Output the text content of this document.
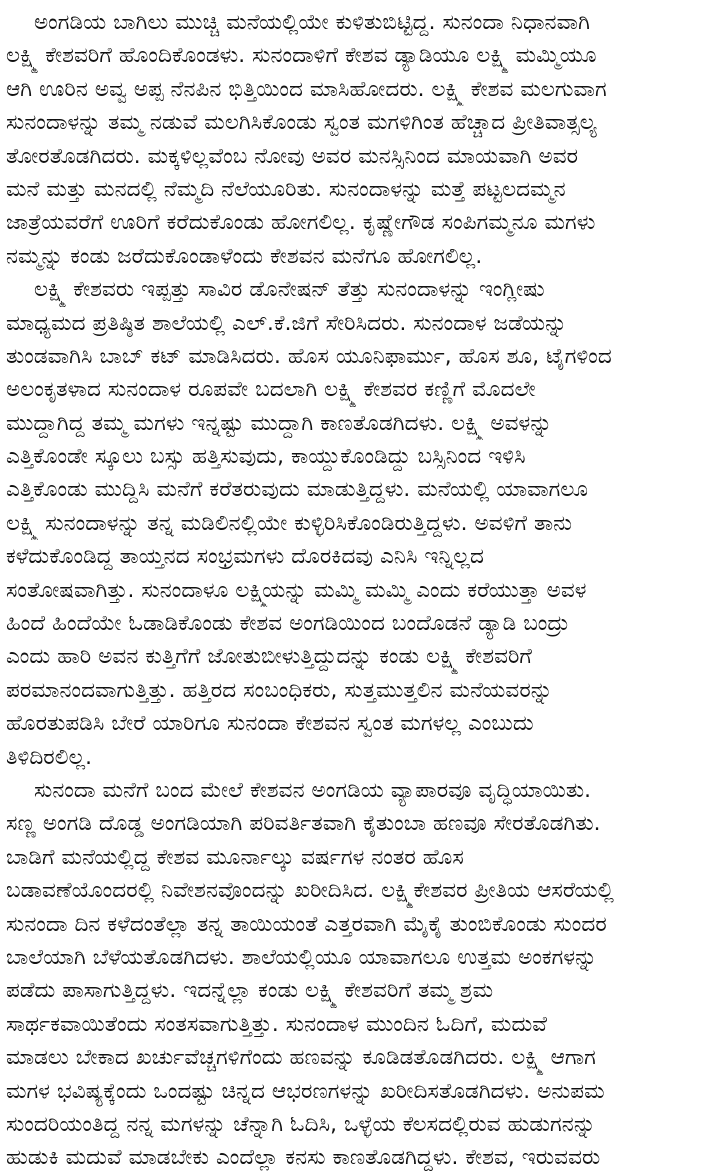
ಅಂಗಡಿಯ ಬಾಗಿಲು ಮುಚ್ಚಿ ಮನೆಯಲ್ಲಿಯೇ ಕುಳಿತುಬಿಟ್ಟಿದ್ದ. ಸುನಂದಾ ನಿಧಾನವಾಗಿ
ಲಕ್ಷ್ಮಿ ಕೇಶವರಿಗೆ ಹೊಂದಿಕೊಂಡಳು. ಸುನಂದಾಳಿಗೆ ಕೇಶವ ಡ್ಯಾಡಿಯೂ ಲಕ್ಷ್ಮಿ ಮಮ್ಮಿಯೂ
ಆಗಿ ಊರಿನ ಅವ್ವ ಅಪ್ಪ ನೆನಪಿನ ಭಿತ್ತಿಯಿಂದ ಮಾಸಿಹೋದರು. ಲಕ್ಷ್ಮಿ ಕೇಶವ ಮಲಗುವಾಗ
ಸುನಂದಾಳನ್ನು ತಮ್ಮ ನಡುವೆ ಮಲಗಿಸಿಕೊಂಡು ಸ್ವಂತ ಮಗಳಿಗಿಂತ ಹೆಚ್ಚಾದ ಪ್ರೀತಿವಾತ್ಸಲ್ಯ
ತೋರತೊಡಗಿದರು. ಮಕ್ಕಳಿಲ್ಲವೆಂಬ ನೋವು ಅವರ ಮನಸ್ಸಿನಿಂದ ಮಾಯವಾಗಿ ಅವರ
ಮನೆ ಮತ್ತು ಮನದಲ್ಲಿ ನೆಮ್ಮದಿ ನೆಲೆಯೂರಿತು. ಸುನಂದಾಳನ್ನು ಮತ್ತೆ ಪಟ್ಟಲದಮ್ಮನ
ಜಾತ್ರೆಯವರೆಗೆ ಊರಿಗೆ ಕರೆದುಕೊಂಡು ಹೋಗಲಿಲ್ಲ. ಕೃಷ್ಣೇಗೌಡ ಸಂಪಿಗಮ್ಮನೂ ಮಗಳು
ನಮ್ಮನ್ನು ಕಂಡು ಜರೆದುಕೊಂಡಾಳೆಂದು ಕೇಶವನ ಮನೆಗೂ ಹೋಗಲಿಲ್ಲ.
ಲಕ್ಷ್ಮಿ ಕೇಶವರು ಇಪ್ಪತ್ತು ಸಾವಿರ ಡೊನೇಷನ್ ತೆತ್ತು ಸುನಂದಾಳನ್ನು ಇಂಗ್ಲೀಷು
ಮಾಧ್ಯಮದ ಪ್ರತಿಷ್ಠಿತ ಶಾಲೆಯಲ್ಲಿ ಎಲ್.ಕೆ.ಜಿಗೆ ಸೇರಿಸಿದರು. ಸುನಂದಾಳ ಜಡೆಯನ್ನು
ತುಂಡವಾಗಿಸಿ ಬಾಬ್ ಕಟ್ ಮಾಡಿಸಿದರು. ಹೊಸ ಯೂನಿಫಾರ್ಮು, ಹೊಸ ಶೂ, ಟೈಗಳಿಂದ
ಅಲಂಕೃತಳಾದ ಸುನಂದಾಳ ರೂಪವೇ ಬದಲಾಗಿ ಲಕ್ಷ್ಮಿ ಕೇಶವರ ಕಣ್ಣಿಗೆ ಮೊದಲೇ
ಮುದ್ದಾಗಿದ್ದ ತಮ್ಮ ಮಗಳು ಇನ್ನಷ್ಟು ಮುದ್ದಾಗಿ ಕಾಣತೊಡಗಿದಳು. ಲಕ್ಷ್ಮಿ ಅವಳನ್ನು
ಎತ್ತಿಕೊಂಡೇ ಸ್ಕೂಲು ಬಸ್ಸು ಹತ್ತಿಸುವುದು, ಕಾಯ್ದುಕೊಂಡಿದ್ದು ಬಸ್ಸಿನಿಂದ ಇಳಿಸಿ
ಎತ್ತಿಕೊಂಡು ಮುದ್ದಿಸಿ ಮನೆಗೆ ಕರೆತರುವುದು ಮಾಡುತ್ತಿದ್ದಳು. ಮನೆಯಲ್ಲಿ ಯಾವಾಗಲೂ
ಲಕ್ಷ್ಮಿ ಸುನಂದಾಳನ್ನು ತನ್ನ ಮಡಿಲಿನಲ್ಲಿಯೇ ಕುಳ್ಳಿರಿಸಿಕೊಂಡಿರುತ್ತಿದ್ದಳು. ಅವಳಿಗೆ ತಾನು
ಕಳೆದುಕೊಂಡಿದ್ದ ತಾಯ್ತನದ ಸಂಭ್ರಮಗಳು ದೊರಕಿದವು ಎನಿಸಿ ಇನ್ನಿಲ್ಲದ
ಸಂತೋಷವಾಗಿತ್ತು. ಸುನಂದಾಳೂ ಲಕ್ಷ್ಮಿಯನ್ನು ಮಮ್ಮಿ ಮಮ್ಮಿ ಎಂದು ಕರೆಯುತ್ತಾ ಅವಳ
ಹಿಂದೆ ಹಿಂದೆಯೇ ಓಡಾಡಿಕೊಂಡು ಕೇಶವ ಅಂಗಡಿಯಿಂದ ಬಂದೊಡನೆ ಡ್ಯಾಡಿ ಬಂದ್ರು
ಎಂದು ಹಾರಿ ಅವನ ಕುತ್ತಿಗೆಗೆ ಜೋತುಬೀಳುತ್ತಿದ್ದುದನ್ನು ಕಂಡು ಲಕ್ಷ್ಮಿ ಕೇಶವರಿಗೆ
ಪರಮಾನಂದವಾಗುತ್ತಿತ್ತು. ಹತ್ತಿರದ ಸಂಬಂಧಿಕರು, ಸುತ್ತಮುತ್ತಲಿನ ಮನೆಯವರನ್ನು
ಹೊರತುಪಡಿಸಿ ಬೇರೆ ಯಾರಿಗೂ ಸುನಂದಾ ಕೇಶವನ ಸ್ವಂತ ಮಗಳಲ್ಲ ಎಂಬುದು
ತಿಳಿದಿರಲಿಲ್ಲ.
ಸುನಂದಾ ಮನೆಗೆ ಬಂದ ಮೇಲೆ ಕೇಶವನ ಅಂಗಡಿಯ ವ್ಯಾಪಾರವೂ ವೃದ್ಧಿಯಾಯಿತು.
ಸಣ್ಣ ಅಂಗಡಿ ದೊಡ್ಡ ಅಂಗಡಿಯಾಗಿ ಪರಿವರ್ತಿತವಾಗಿ ಕೈತುಂಬಾ ಹಣವೂ ಸೇರತೊಡಗಿತು.
ಬಾಡಿಗೆ ಮನೆಯಲ್ಲಿದ್ದ ಕೇಶವ ಮೂರ್ನಾಲ್ಕು ವರ್ಷಗಳ ನಂತರ ಹೊಸ
ಬಡಾವಣೆಯೊಂದರಲ್ಲಿ ನಿವೇಶನವೊಂದನ್ನು ಖರೀದಿಸಿದ. ಲಕ್ಷ್ಮಿಕೇಶವರ ಪ್ರೀತಿಯ ಆಸರೆಯಲ್ಲಿ
ಸುನಂದಾ ದಿನ ಕಳೆದಂತೆಲ್ಲಾ ತನ್ನ ತಾಯಿಯಂತೆ ಎತ್ತರವಾಗಿ ಮೈಕೈ ತುಂಬಿಕೊಂಡು ಸುಂದರ
ಬಾಲೆಯಾಗಿ ಬೆಳೆಯತೊಡಗಿದಳು. ಶಾಲೆಯಲ್ಲಿಯೂ ಯಾವಾಗಲೂ ಉತ್ತಮ ಅಂಕಗಳನ್ನು
ಪಡೆದು ಪಾಸಾಗುತ್ತಿದ್ದಳು. ಇದನ್ನೆಲ್ಲಾ ಕಂಡು ಲಕ್ಷ್ಮಿ ಕೇಶವರಿಗೆ ತಮ್ಮ ಶ್ರಮ
ಸಾರ್ಥಕವಾಯಿತೆಂದು ಸಂತಸವಾಗುತ್ತಿತ್ತು. ಸುನಂದಾಳ ಮುಂದಿನ ಓದಿಗೆ, ಮದುವೆ
ಮಾಡಲು ಬೇಕಾದ ಖರ್ಚುವೆಚ್ಚಗಳಿಗೆಂದು ಹಣವನ್ನು ಕೂಡಿಡತೊಡಗಿದರು. ಲಕ್ಷ್ಮಿ ಆಗಾಗ
ಮಗಳ ಭವಿಷ್ಯಕ್ಕೆಂದು ಒಂದಷ್ಟು ಚಿನ್ನದ ಆಭರಣಗಳನ್ನು ಖರೀದಿಸತೊಡಗಿದಳು. ಅನುಪಮ
ಸುಂದರಿಯಂತಿದ್ದ ನನ್ನ ಮಗಳನ್ನು ಚೆನ್ನಾಗಿ ಓದಿಸಿ, ಒಳ್ಳೆಯ ಕೆಲಸದಲ್ಲಿರುವ ಹುಡುಗನನ್ನು
ಹುಡುಕಿ ಮದುವೆ ಮಾಡಬೇಕು ಎಂದೆಲ್ಲಾ ಕನಸು ಕಾಣತೊಡಗಿದ್ದಳು. ಕೇಶವ, ಇರುವವರು
